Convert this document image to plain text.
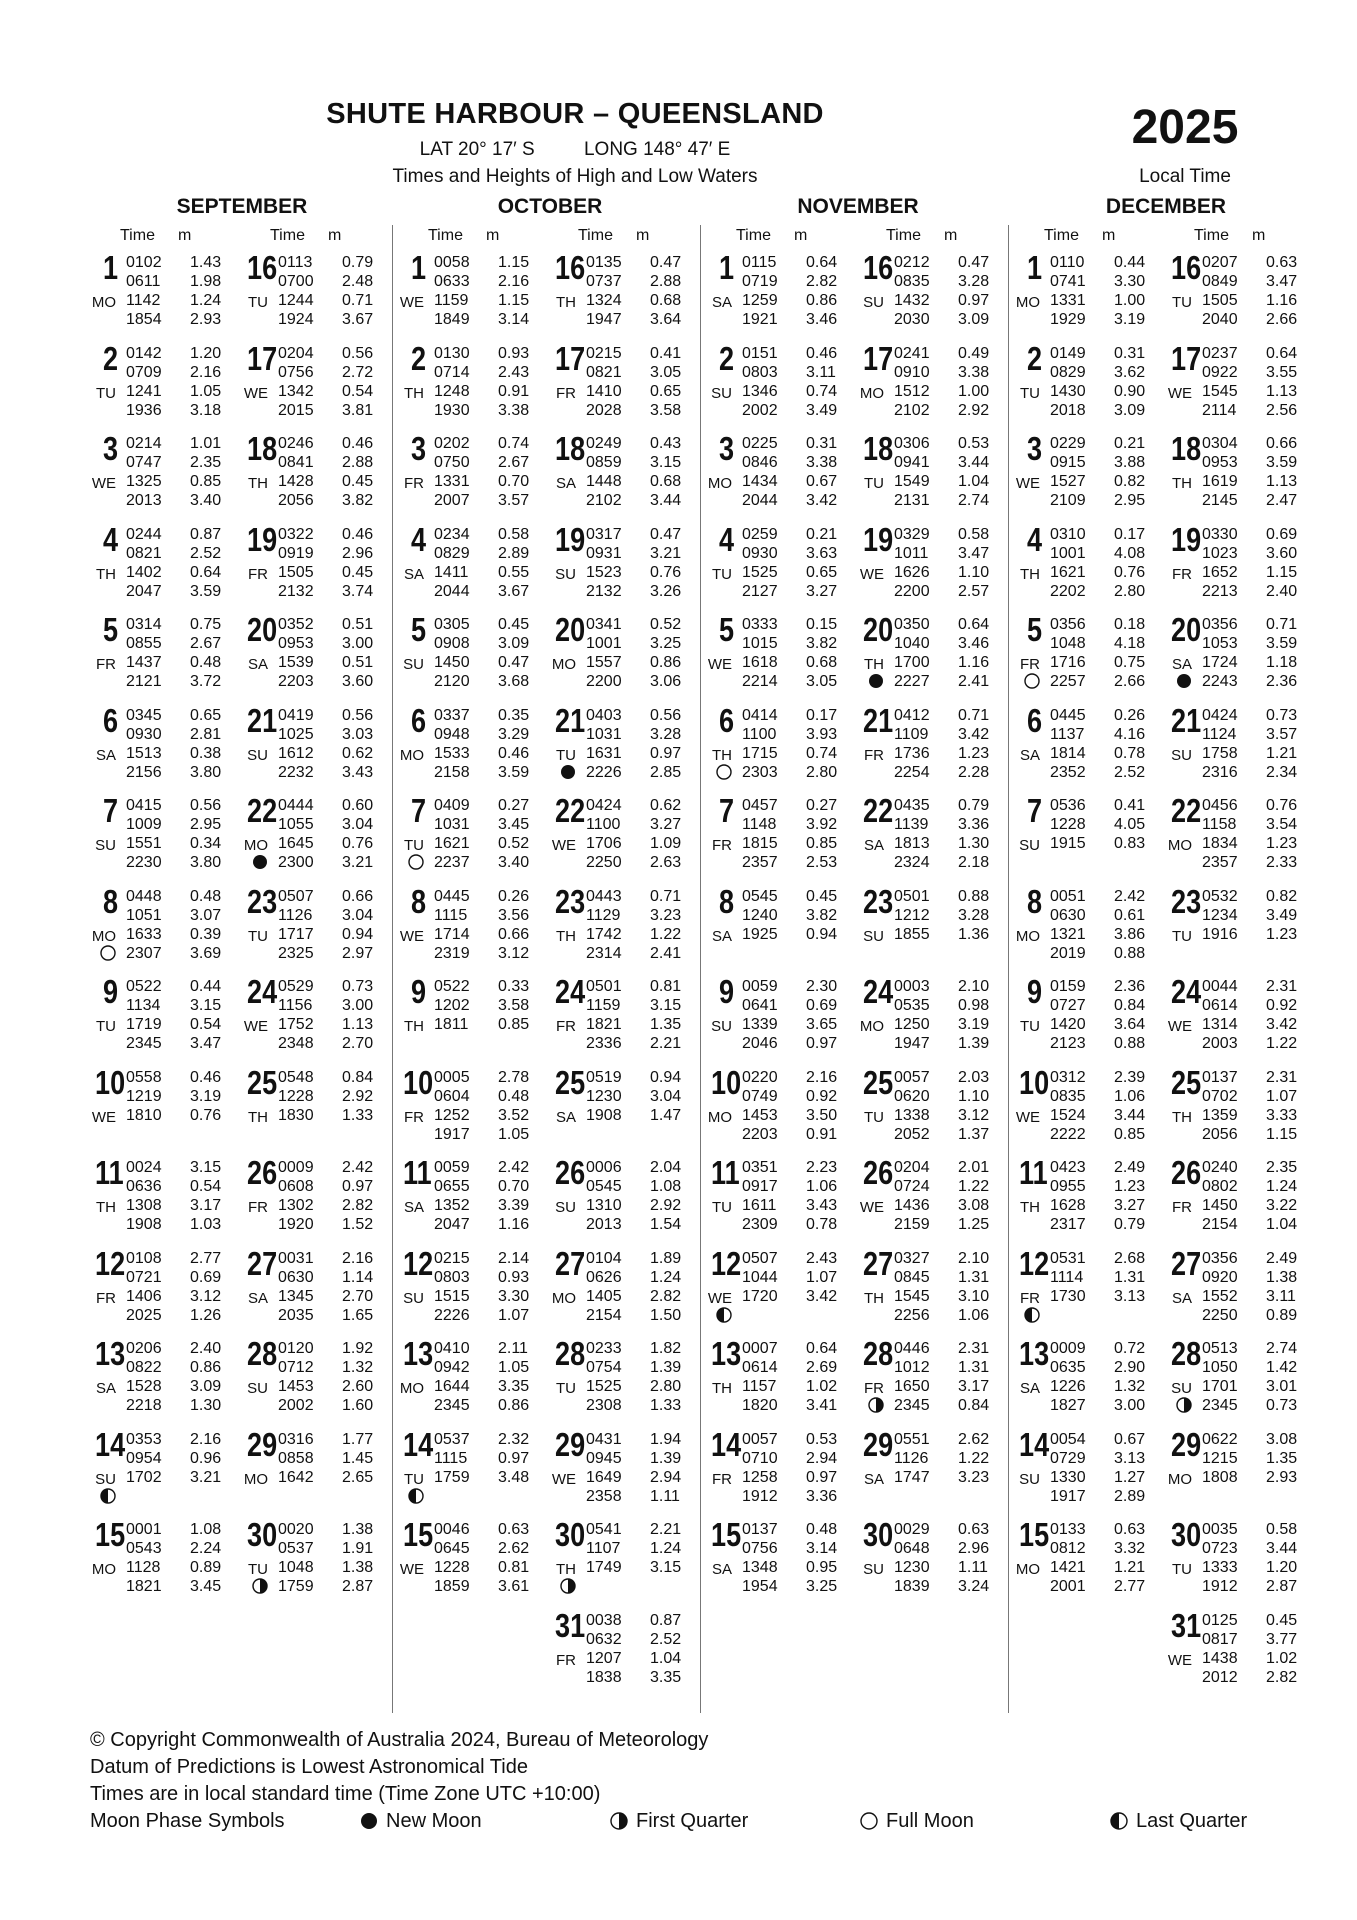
SHUTE HARBOUR – QUEENSLAND
LAT 20° 17′ S	LONG 148° 47′ E
Times and Heights of High and Low Waters
2025
Local Time
SEPTEMBER
Time m	Time m
1
MO
0102	1.43
0611	1.98
1142	1.24
1854	2.93
2
TU
0142	1.20
0709	2.16
1241	1.05
1936	3.18
3
WE
0214	1.01
0747	2.35
1325	0.85
2013	3.40
4
TH
0244	0.87
0821	2.52
1402	0.64
2047	3.59
5
FR
0314	0.75
0855	2.67
1437	0.48
2121	3.72
6
SA
0345	0.65
0930	2.81
1513	0.38
2156	3.80
7
SU
0415	0.56
1009	2.95
1551	0.34
2230	3.80
8
MO
0448	0.48
1051	3.07
1633	0.39
2307	3.69
9
TU
0522	0.44
1134	3.15
1719	0.54
2345	3.47
10
WE
0558	0.46
1219	3.19
1810	0.76
11
TH
0024	3.15
0636	0.54
1308	3.17
1908	1.03
12
FR
0108	2.77
0721	0.69
1406	3.12
2025	1.26
13
SA
0206	2.40
0822	0.86
1528	3.09
2218	1.30
14
SU
0353	2.16
0954	0.96
1702	3.21
15
MO
0001	1.08
0543	2.24
1128	0.89
1821	3.45
16
TU
0113	0.79
0700	2.48
1244	0.71
1924	3.67
17
WE
0204	0.56
0756	2.72
1342	0.54
2015	3.81
18
TH
0246	0.46
0841	2.88
1428	0.45
2056	3.82
19
FR
0322	0.46
0919	2.96
1505	0.45
2132	3.74
20
SA
0352	0.51
0953	3.00
1539	0.51
2203	3.60
21
SU
0419	0.56
1025	3.03
1612	0.62
2232	3.43
22
MO
0444	0.60
1055	3.04
1645	0.76
2300	3.21
23
TU
0507	0.66
1126	3.04
1717	0.94
2325	2.97
24
WE
0529	0.73
1156	3.00
1752	1.13
2348	2.70
25
TH
0548	0.84
1228	2.92
1830	1.33
26
FR
0009	2.42
0608	0.97
1302	2.82
1920	1.52
27
SA
0031	2.16
0630	1.14
1345	2.70
2035	1.65
28
SU
0120	1.92
0712	1.32
1453	2.60
2002	1.60
29
MO
0316	1.77
0858	1.45
1642	2.65
30
TU
0020	1.38
0537	1.91
1048	1.38
1759	2.87
OCTOBER
Time m	Time m
1
WE
0058	1.15
0633	2.16
1159	1.15
1849	3.14
2
TH
0130	0.93
0714	2.43
1248	0.91
1930	3.38
3
FR
0202	0.74
0750	2.67
1331	0.70
2007	3.57
4
SA
0234	0.58
0829	2.89
1411	0.55
2044	3.67
5
SU
0305	0.45
0908	3.09
1450	0.47
2120	3.68
6
MO
0337	0.35
0948	3.29
1533	0.46
2158	3.59
7
TU
0409	0.27
1031	3.45
1621	0.52
2237	3.40
8
WE
0445	0.26
1115	3.56
1714	0.66
2319	3.12
9
TH
0522	0.33
1202	3.58
1811	0.85
10
FR
0005	2.78
0604	0.48
1252	3.52
1917	1.05
11
SA
0059	2.42
0655	0.70
1352	3.39
2047	1.16
12
SU
0215	2.14
0803	0.93
1515	3.30
2226	1.07
13
MO
0410	2.11
0942	1.05
1644	3.35
2345	0.86
14
TU
0537	2.32
1115	0.97
1759	3.48
15
WE
0046	0.63
0645	2.62
1228	0.81
1859	3.61
16
TH
0135	0.47
0737	2.88
1324	0.68
1947	3.64
17
FR
0215	0.41
0821	3.05
1410	0.65
2028	3.58
18
SA
0249	0.43
0859	3.15
1448	0.68
2102	3.44
19
SU
0317	0.47
0931	3.21
1523	0.76
2132	3.26
20
MO
0341	0.52
1001	3.25
1557	0.86
2200	3.06
21
TU
0403	0.56
1031	3.28
1631	0.97
2226	2.85
22
WE
0424	0.62
1100	3.27
1706	1.09
2250	2.63
23
TH
0443	0.71
1129	3.23
1742	1.22
2314	2.41
24
FR
0501	0.81
1159	3.15
1821	1.35
2336	2.21
25
SA
0519	0.94
1230	3.04
1908	1.47
26
SU
0006	2.04
0545	1.08
1310	2.92
2013	1.54
27
MO
0104	1.89
0626	1.24
1405	2.82
2154	1.50
28
TU
0233	1.82
0754	1.39
1525	2.80
2308	1.33
29
WE
0431	1.94
0945	1.39
1649	2.94
2358	1.11
30
TH
0541	2.21
1107	1.24
1749	3.15
31
FR
0038	0.87
0632	2.52
1207	1.04
1838	3.35
NOVEMBER
Time m	Time m
1
SA
0115	0.64
0719	2.82
1259	0.86
1921	3.46
2
SU
0151	0.46
0803	3.11
1346	0.74
2002	3.49
3
MO
0225	0.31
0846	3.38
1434	0.67
2044	3.42
4
TU
0259	0.21
0930	3.63
1525	0.65
2127	3.27
5
WE
0333	0.15
1015	3.82
1618	0.68
2214	3.05
6
TH
0414	0.17
1100	3.93
1715	0.74
2303	2.80
7
FR
0457	0.27
1148	3.92
1815	0.85
2357	2.53
8
SA
0545	0.45
1240	3.82
1925	0.94
9
SU
0059	2.30
0641	0.69
1339	3.65
2046	0.97
10
MO
0220	2.16
0749	0.92
1453	3.50
2203	0.91
11
TU
0351	2.23
0917	1.06
1611	3.43
2309	0.78
12
WE
0507	2.43
1044	1.07
1720	3.42
13
TH
0007	0.64
0614	2.69
1157	1.02
1820	3.41
14
FR
0057	0.53
0710	2.94
1258	0.97
1912	3.36
15
SA
0137	0.48
0756	3.14
1348	0.95
1954	3.25
16
SU
0212	0.47
0835	3.28
1432	0.97
2030	3.09
17
MO
0241	0.49
0910	3.38
1512	1.00
2102	2.92
18
TU
0306	0.53
0941	3.44
1549	1.04
2131	2.74
19
WE
0329	0.58
1011	3.47
1626	1.10
2200	2.57
20
TH
0350	0.64
1040	3.46
1700	1.16
2227	2.41
21
FR
0412	0.71
1109	3.42
1736	1.23
2254	2.28
22
SA
0435	0.79
1139	3.36
1813	1.30
2324	2.18
23
SU
0501	0.88
1212	3.28
1855	1.36
24
MO
0003	2.10
0535	0.98
1250	3.19
1947	1.39
25
TU
0057	2.03
0620	1.10
1338	3.12
2052	1.37
26
WE
0204	2.01
0724	1.22
1436	3.08
2159	1.25
27
TH
0327	2.10
0845	1.31
1545	3.10
2256	1.06
28
FR
0446	2.31
1012	1.31
1650	3.17
2345	0.84
29
SA
0551	2.62
1126	1.22
1747	3.23
30
SU
0029	0.63
0648	2.96
1230	1.11
1839	3.24
DECEMBER
Time m	Time m
1
MO
0110	0.44
0741	3.30
1331	1.00
1929	3.19
2
TU
0149	0.31
0829	3.62
1430	0.90
2018	3.09
3
WE
0229	0.21
0915	3.88
1527	0.82
2109	2.95
4
TH
0310	0.17
1001	4.08
1621	0.76
2202	2.80
5
FR
0356	0.18
1048	4.18
1716	0.75
2257	2.66
6
SA
0445	0.26
1137	4.16
1814	0.78
2352	2.52
7
SU
0536	0.41
1228	4.05
1915	0.83
8
MO
0051	2.42
0630	0.61
1321	3.86
2019	0.88
9
TU
0159	2.36
0727	0.84
1420	3.64
2123	0.88
10
WE
0312	2.39
0835	1.06
1524	3.44
2222	0.85
11
TH
0423	2.49
0955	1.23
1628	3.27
2317	0.79
12
FR
0531	2.68
1114	1.31
1730	3.13
13
SA
0009	0.72
0635	2.90
1226	1.32
1827	3.00
14
SU
0054	0.67
0729	3.13
1330	1.27
1917	2.89
15
MO
0133	0.63
0812	3.32
1421	1.21
2001	2.77
16
TU
0207	0.63
0849	3.47
1505	1.16
2040	2.66
17
WE
0237	0.64
0922	3.55
1545	1.13
2114	2.56
18
TH
0304	0.66
0953	3.59
1619	1.13
2145	2.47
19
FR
0330	0.69
1023	3.60
1652	1.15
2213	2.40
20
SA
0356	0.71
1053	3.59
1724	1.18
2243	2.36
21
SU
0424	0.73
1124	3.57
1758	1.21
2316	2.34
22
MO
0456	0.76
1158	3.54
1834	1.23
2357	2.33
23
TU
0532	0.82
1234	3.49
1916	1.23
24
WE
0044	2.31
0614	0.92
1314	3.42
2003	1.22
25
TH
0137	2.31
0702	1.07
1359	3.33
2056	1.15
26
FR
0240	2.35
0802	1.24
1450	3.22
2154	1.04
27
SA
0356	2.49
0920	1.38
1552	3.11
2250	0.89
28
SU
0513	2.74
1050	1.42
1701	3.01
2345	0.73
29
MO
0622	3.08
1215	1.35
1808	2.93
30
TU
0035	0.58
0723	3.44
1333	1.20
1912	2.87
31
WE
0125	0.45
0817	3.77
1438	1.02
2012	2.82
© Copyright Commonwealth of Australia 2024, Bureau of Meteorology
Datum of Predictions is Lowest Astronomical Tide
Times are in local standard time (Time Zone UTC +10:00)
Moon Phase Symbols	New Moon	First Quarter	Full Moon	Last Quarter
